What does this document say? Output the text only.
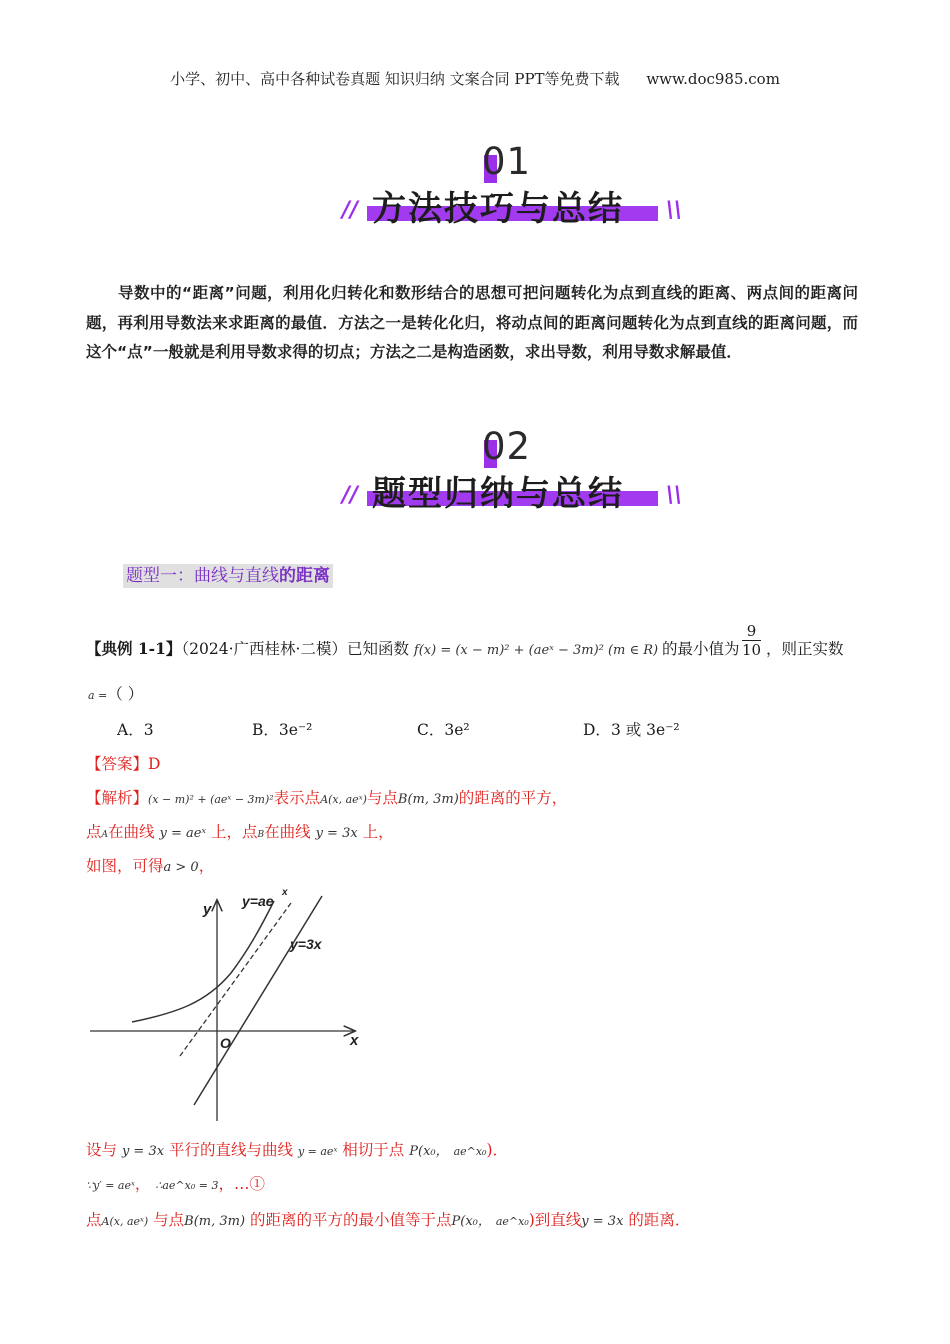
小学、初中、高中各种试卷真题 知识归纳 文案合同 PPT等免费下载 www.doc985.com
01
方法技巧与总结
//	\\
导数中的“距离”问题，利用化归转化和数形结合的思想可把问题转化为点到直线的距离、两点间的距离问题，再利用导数法来求距离的最值．方法之一是转化化归，将动点间的距离问题转化为点到直线的距离问题，而这个“点”一般就是利用导数求得的切点；方法之二是构造函数，求出导数，利用导数求解最值．
02
题型归纳与总结
//	\\
题型一：曲线与直线的距离
【典例 1-1】（2024·广西桂林·二模）已知函数 f(x) = (x − m)² + (aeˣ − 3m)² (m ∈ R) 的最小值为 $\frac{9}{10}$ ，则正实数
a =（ ）
A．3	B．3e⁻²	C．3e²	D．3 或 3e⁻²
【答案】D
【解析】(x − m)² + (aeˣ − 3m)²表示点A(x, aeˣ)与点B(m, 3m)的距离的平方，
点A在曲线 y = aeˣ 上，点B在曲线 y = 3x 上，
如图，可得a > 0，
y
x
O
y=ae
x
y=3x
设与 y = 3x 平行的直线与曲线 y = aeˣ 相切于点 P(x₀， ae^x₀)．
∵y′ = aeˣ， ∴ae^x₀ = 3，…①
点A(x, aeˣ) 与点B(m, 3m) 的距离的平方的最小值等于点P(x₀， ae^x₀)到直线y = 3x 的距离．
